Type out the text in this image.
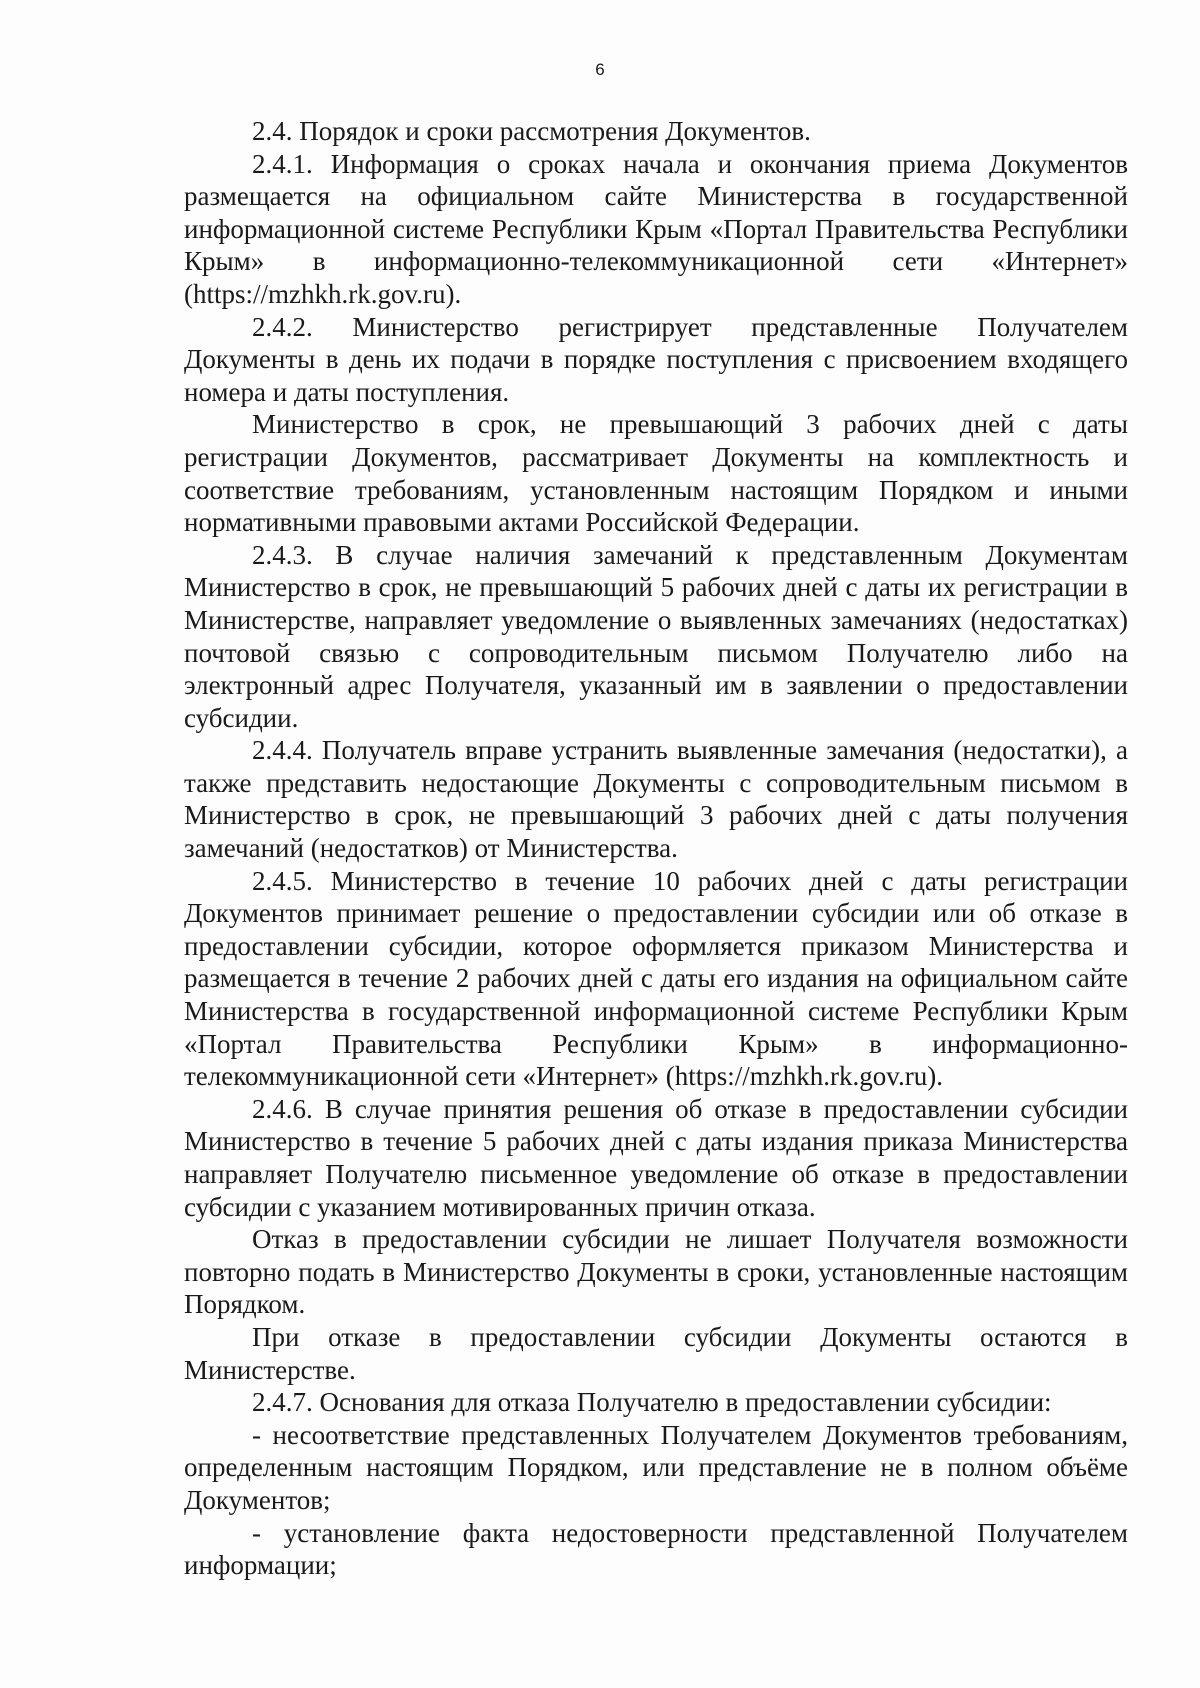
6

2.4. Порядок и сроки рассмотрения Документов.

2.4.1. Информация о сроках начала и окончания приема Документов размещается на официальном сайте Министерства в государственной информационной системе Республики Крым «Портал Правительства Республики Крым» в информационно-телекоммуникационной сети «Интернет» (https://mzhkh.rk.gov.ru).

2.4.2. Министерство регистрирует представленные Получателем Документы в день их подачи в порядке поступления с присвоением входящего номера и даты поступления.

Министерство в срок, не превышающий 3 рабочих дней с даты регистрации Документов, рассматривает Документы на комплектность и соответствие требованиям, установленным настоящим Порядком и иными нормативными правовыми актами Российской Федерации.

2.4.3. В случае наличия замечаний к представленным Документам Министерство в срок, не превышающий 5 рабочих дней с даты их регистрации в Министерстве, направляет уведомление о выявленных замечаниях (недостатках) почтовой связью с сопроводительным письмом Получателю либо на электронный адрес Получателя, указанный им в заявлении о предоставлении субсидии.

2.4.4. Получатель вправе устранить выявленные замечания (недостатки), а также представить недостающие Документы с сопроводительным письмом в Министерство в срок, не превышающий 3 рабочих дней с даты получения замечаний (недостатков) от Министерства.

2.4.5. Министерство в течение 10 рабочих дней с даты регистрации Документов принимает решение о предоставлении субсидии или об отказе в предоставлении субсидии, которое оформляется приказом Министерства и размещается в течение 2 рабочих дней с даты его издания на официальном сайте Министерства в государственной информационной системе Республики Крым «Портал Правительства Республики Крым» в информационно-телекоммуникационной сети «Интернет» (https://mzhkh.rk.gov.ru).

2.4.6. В случае принятия решения об отказе в предоставлении субсидии Министерство в течение 5 рабочих дней с даты издания приказа Министерства направляет Получателю письменное уведомление об отказе в предоставлении субсидии с указанием мотивированных причин отказа.

Отказ в предоставлении субсидии не лишает Получателя возможности повторно подать в Министерство Документы в сроки, установленные настоящим Порядком.

При отказе в предоставлении субсидии Документы остаются в Министерстве.

2.4.7. Основания для отказа Получателю в предоставлении субсидии:

- несоответствие представленных Получателем Документов требованиям, определенным настоящим Порядком, или представление не в полном объёме Документов;

- установление факта недостоверности представленной Получателем информации;
